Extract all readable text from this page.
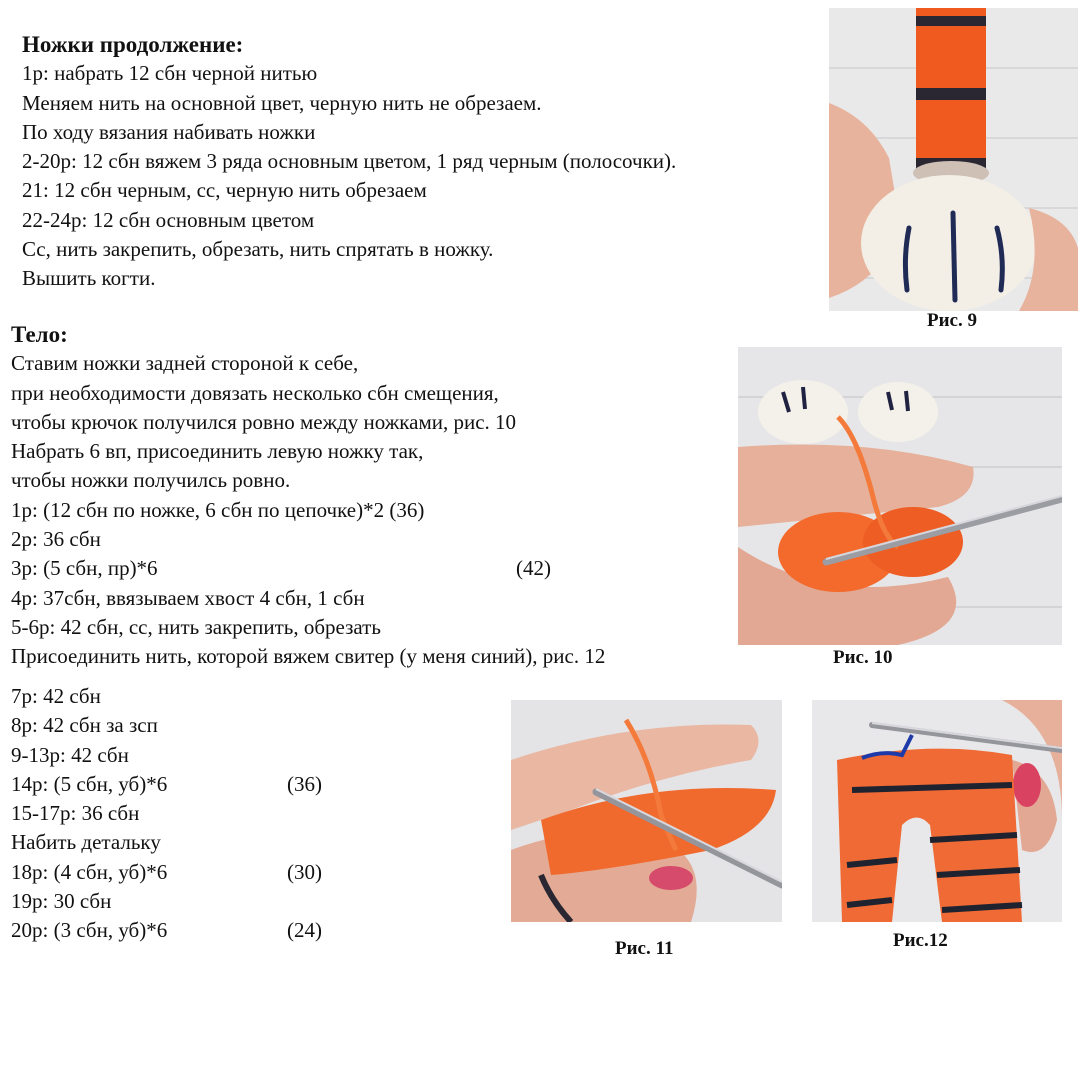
Ножки продолжение:
1р: набрать 12 сбн черной нитью
Меняем нить на основной цвет, черную нить не обрезаем.
По ходу вязания набивать ножки
2-20р: 12 сбн вяжем 3 ряда основным цветом, 1 ряд черным (полосочки).
21: 12 сбн черным, сс, черную нить обрезаем
22-24р: 12 сбн основным цветом
Сс, нить закрепить, обрезать, нить спрятать в ножку.
Вышить когти.
Тело:
Ставим ножки задней стороной к себе,
при необходимости довязать несколько сбн смещения,
чтобы крючок получился ровно между ножками, рис. 10
Набрать 6 вп, присоединить левую ножку так,
чтобы ножки получилсь ровно.
1р: (12 сбн по ножке, 6 сбн по цепочке)*2 (36)
2р: 36 сбн
3р: (5 сбн, пр)*6	(42)

4р: 37сбн, ввязываем хвост 4 сбн, 1 сбн
5-6р: 42 сбн, сс, нить закрепить, обрезать
Присоединить нить, которой вяжем свитер (у меня синий), рис. 12
7р: 42 сбн
8р: 42 сбн за зсп
9-13р: 42 сбн
14р: (5 сбн, уб)*6	(36)
15-17р: 36 сбн
Набить детальку
18р: (4 сбн, уб)*6	(30)
19р: 30 сбн
20р: (3 сбн, уб)*6	(24)
Рис. 9
Рис. 10
Рис. 11	Рис.12
